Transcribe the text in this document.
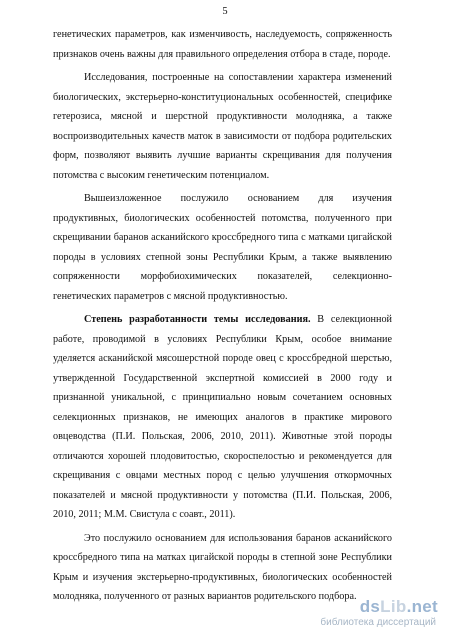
5

генетических параметров, как изменчивость, наследуемость, сопряженность признаков очень важны для правильного определения отбора в стаде, породе.

Исследования, построенные на сопоставлении характера изменений биологических, экстерьерно-конституциональных особенностей, специфике гетерозиса, мясной и шерстной продуктивности молодняка, а также воспроизводительных качеств маток в зависимости от подбора родительских форм, позволяют выявить лучшие варианты скрещивания для получения потомства с высоким генетическим потенциалом.

Вышеизложенное послужило основанием для изучения продуктивных, биологических особенностей потомства, полученного при скрещивании баранов асканийского кроссбредного типа с матками цигайской породы в условиях степной зоны Республики Крым, а также выявлению сопряженности морфобиохимических показателей, селекционно-генетических параметров с мясной продуктивностью.

Степень разработанности темы исследования. В селекционной работе, проводимой в условиях Республики Крым, особое внимание уделяется асканийской мясошерстной породе овец с кроссбредной шерстью, утвержденной Государственной экспертной комиссией в 2000 году и признанной уникальной, с принципиально новым сочетанием основных селекционных признаков, не имеющих аналогов в практике мирового овцеводства (П.И. Польская, 2006, 2010, 2011). Животные этой породы отличаются хорошей плодовитостью, скороспелостью и рекомендуется для скрещивания с овцами местных пород с целью улучшения откормочных показателей и мясной продуктивности у потомства (П.И. Польская, 2006, 2010, 2011; М.М. Свистула с соавт., 2011).

Это послужило основанием для использования баранов асканийского кроссбредного типа на матках цигайской породы в степной зоне Республики Крым и изучения экстерьерно-продуктивных, биологических особенностей молодняка, полученного от разных вариантов родительского подбора.

ds Lib .net
библиотека диссертаций
